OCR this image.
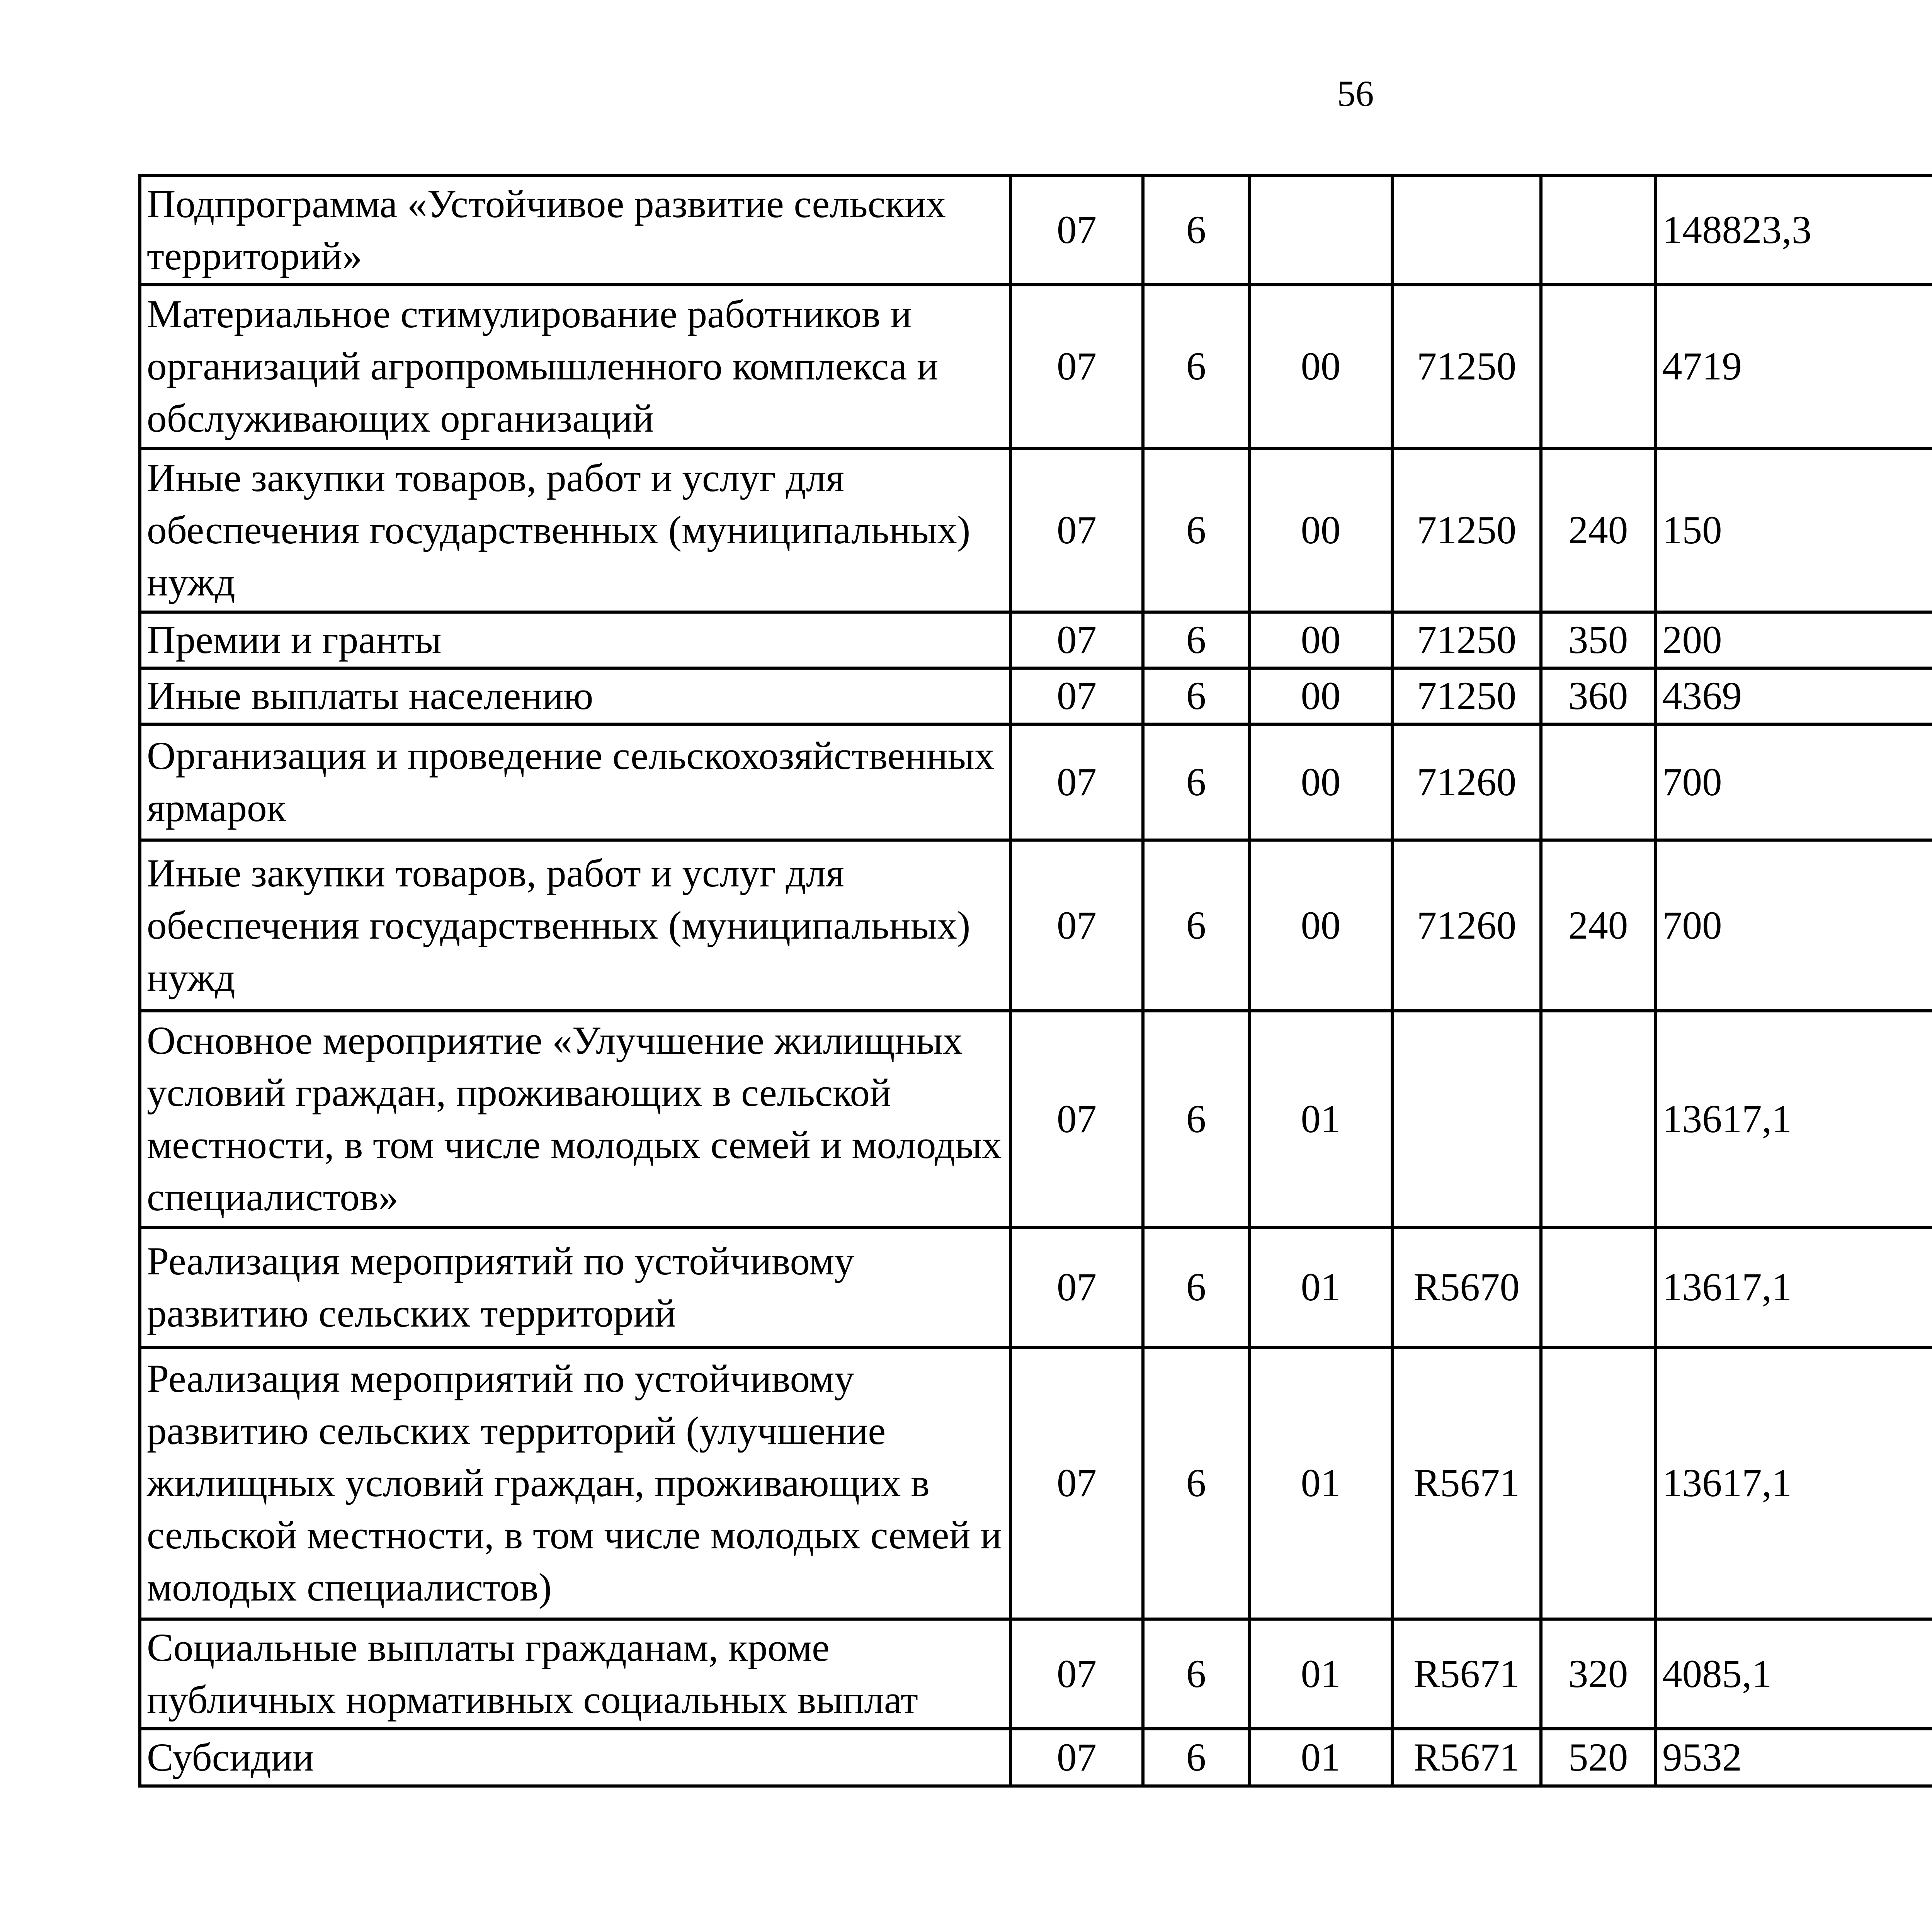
56
Подпрограмма «Устойчивое развитие сельских территорий»	07	6				148823,3		
Материальное стимулирование работников и организаций агропромышленного комплекса и обслуживающих организаций	07	6	00	71250		4719		
Иные закупки товаров, работ и услуг для обеспечения государственных (муниципальных) нужд	07	6	00	71250	240	150		
Премии и гранты	07	6	00	71250	350	200		
Иные выплаты населению	07	6	00	71250	360	4369		
Организация и проведение сельскохозяйственных ярмарок	07	6	00	71260		700		
Иные закупки товаров, работ и услуг для обеспечения государственных (муниципальных) нужд	07	6	00	71260	240	700		
Основное мероприятие «Улучшение жилищных условий граждан, проживающих в сельской местности, в том числе молодых семей и молодых специалистов»	07	6	01			13617,1		
Реализация мероприятий по устойчивому развитию сельских территорий	07	6	01	R5670		13617,1		
Реализация мероприятий по устойчивому развитию сельских территорий (улучшение жилищных условий граждан, проживающих в сельской местности, в том числе молодых семей и молодых специалистов)	07	6	01	R5671		13617,1		
Социальные выплаты гражданам, кроме публичных нормативных социальных выплат	07	6	01	R5671	320	4085,1		
Субсидии	07	6	01	R5671	520	9532		
